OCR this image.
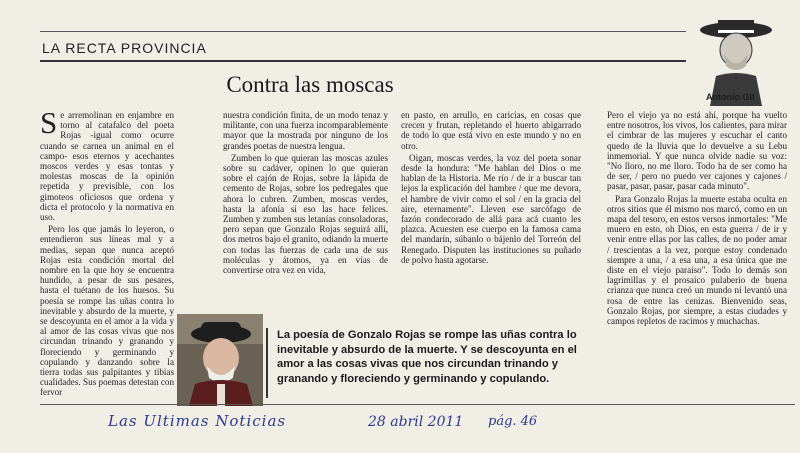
LA RECTA PROVINCIA
Antonio Gil
Contra las moscas
S e arremolinan en enjambre en torno al catafalco del poeta Rojas -igual como ocurre cuando se carnea un animal en el campo- esos eternos y acechantes moscos verdes y esas tontas y molestas moscas de la opinión repetida y previsible, con los gimoteos oficiosos que ordena y dicta el protocolo y la normativa en uso.

Pero los que jamás lo leyeron, o entendieron sus líneas mal y a medias, sepan que nunca aceptó Rojas esta condición mortal del nombre en la que hoy se encuentra hundido, a pesar de sus pesares, hasta el tuétano de los huesos. Su poesía se rompe las uñas contra lo inevitable y absurdo de la muerte, y se descoyunta en el amor a la vida y al amor de las cosas vivas que nos circundan trinando y granando y floreciendo y germinando y copulando y danzando sobre la tierra todas sus palpitantes y tibias cualidades. Sus poemas detestan con fervor

nuestra condición finita, de un modo tenaz y militante, con una fuerza incomparablemente mayor que la mostrada por ninguno de los grandes poetas de nuestra lengua.

Zumben lo que quieran las moscas azules sobre su cadáver, opinen lo que quieran sobre el cajón de Rojas, sobre la lápida de cemento de Rojas, sobre los pedregales que ahora lo cubren. Zumben, moscas verdes, hasta la afonía si eso las hace felices. Zumben y zumben sus letanías consoladoras, pero sepan que Gonzalo Rojas seguirá allí, dos metros bajo el granito, odiando la muerte con todas las fuerzas de cada una de sus moléculas y átomos, ya en vías de convertirse otra vez en vida,

en pasto, en arrullo, en caricias, en cosas que crecen y frutan, repletando el huerto abigarrado de todo lo que está vivo en este mundo y no en otro.

Oigan, moscas verdes, la voz del poeta sonar desde la hondura: "Me hablan del Dios o me hablan de la Historia. Me río / de ir a buscar tan lejos la explicación del hambre / que me devora, el hambre de vivir como el sol / en la gracia del aire, eternamente". Lleven ese sarcófago de fazón condecorado de allá para acá cuanto les plazca. Acuesten ese cuerpo en la famosa cama del mandarín, súbanlo o bájenlo del Torreón del Renegado. Disputen las instituciones su puñado de polvo hasta agotarse.

Pero el viejo ya no está ahí, porque ha vuelto entre nosotros, los vivos, los calientes, para mirar el cimbrar de las mujeres y escuchar el canto quedo de la lluvia que lo devuelve a su Lebu inmemorial. Y que nunca olvide nadie su voz: "No lloro, no me lloro. Todo ha de ser como ha de ser, / pero no puedo ver cajones y cajones / pasar, pasar, pasar, pasar cada minuto".

Para Gonzalo Rojas la muerte estaba oculta en otros sitios que él mismo nos marcó, como en un mapa del tesoro, en estos versos inmortales: "Me muero en esto, oh Dios, en esta guerra / de ir y venir entre ellas por las calles, de no poder amar / trescientas a la vez, porque estoy condenado siempre a una, / a esa una, a esa única que me diste en el viejo paraíso". Todo lo demás son lagrimillas y el prosaico pulaberío de buena crianza que nunca creó un mundo ni levantó una rosa de entre las cenizas. Bienvenido seas, Gonzalo Rojas, por siempre, a estas ciudades y campos repletos de racimos y muchachas.

La poesía de Gonzalo Rojas se rompe las uñas contra lo inevitable y absurdo de la muerte. Y se descoyunta en el amor a las cosas vivas que nos circundan trinando y granando y floreciendo y germinando y copulando.
Las Ultimas Noticias	28 abril 2011 pág. 46
